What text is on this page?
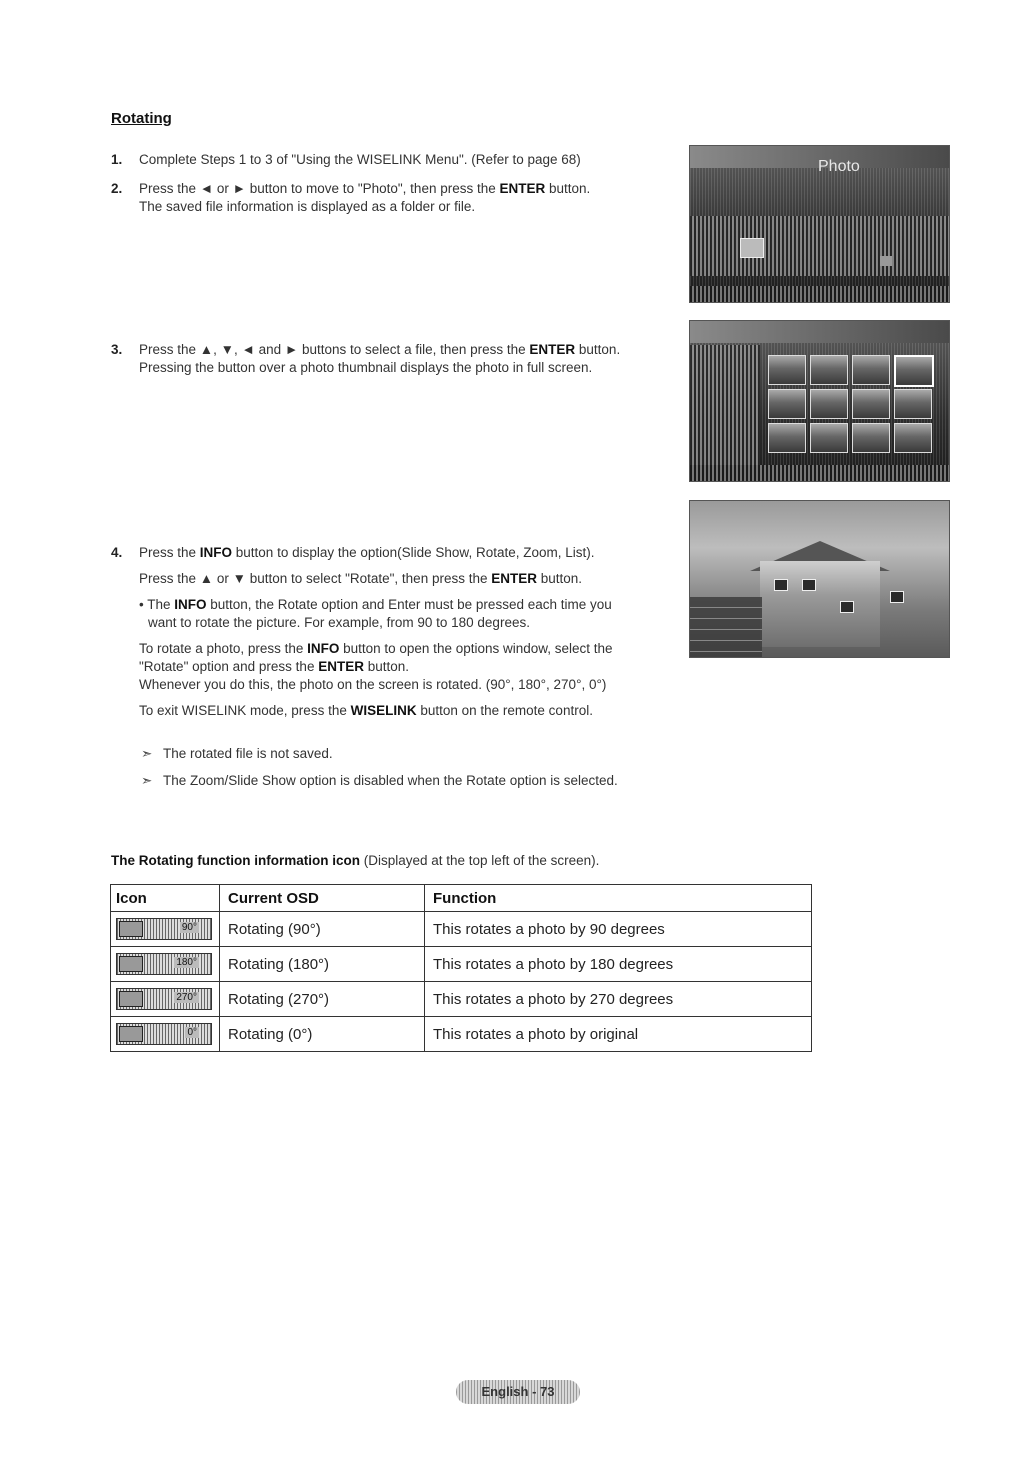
Rotating
1. Complete Steps 1 to 3 of "Using the WISELINK Menu". (Refer to page 68)
2. Press the ◄ or ► button to move to "Photo", then press the ENTER button.
The saved file information is displayed as a folder or file.
3. Press the ▲, ▼, ◄ and ► buttons to select a file, then press the ENTER button.
Pressing the button over a photo thumbnail displays the photo in full screen.
4. Press the INFO button to display the option(Slide Show, Rotate, Zoom, List).
Press the ▲ or ▼ button to select "Rotate", then press the ENTER button.
• The INFO button, the Rotate option and Enter must be pressed each time you
want to rotate the picture. For example, from 90 to 180 degrees.
To rotate a photo, press the INFO button to open the options window, select the
"Rotate" option and press the ENTER button.
Whenever you do this, the photo on the screen is rotated. (90°, 180°, 270°, 0°)
To exit WISELINK mode, press the WISELINK button on the remote control.
➣ The rotated file is not saved.
➣ The Zoom/Slide Show option is disabled when the Rotate option is selected.
Photo
The Rotating function information icon (Displayed at the top left of the screen).
Icon	Current OSD	Function

90°	Rotating (90°)	This rotates a photo by 90 degrees

180°	Rotating (180°)	This rotates a photo by 180 degrees

270°	Rotating (270°)	This rotates a photo by 270 degrees

0°	Rotating (0°)	This rotates a photo by original
English - 73
